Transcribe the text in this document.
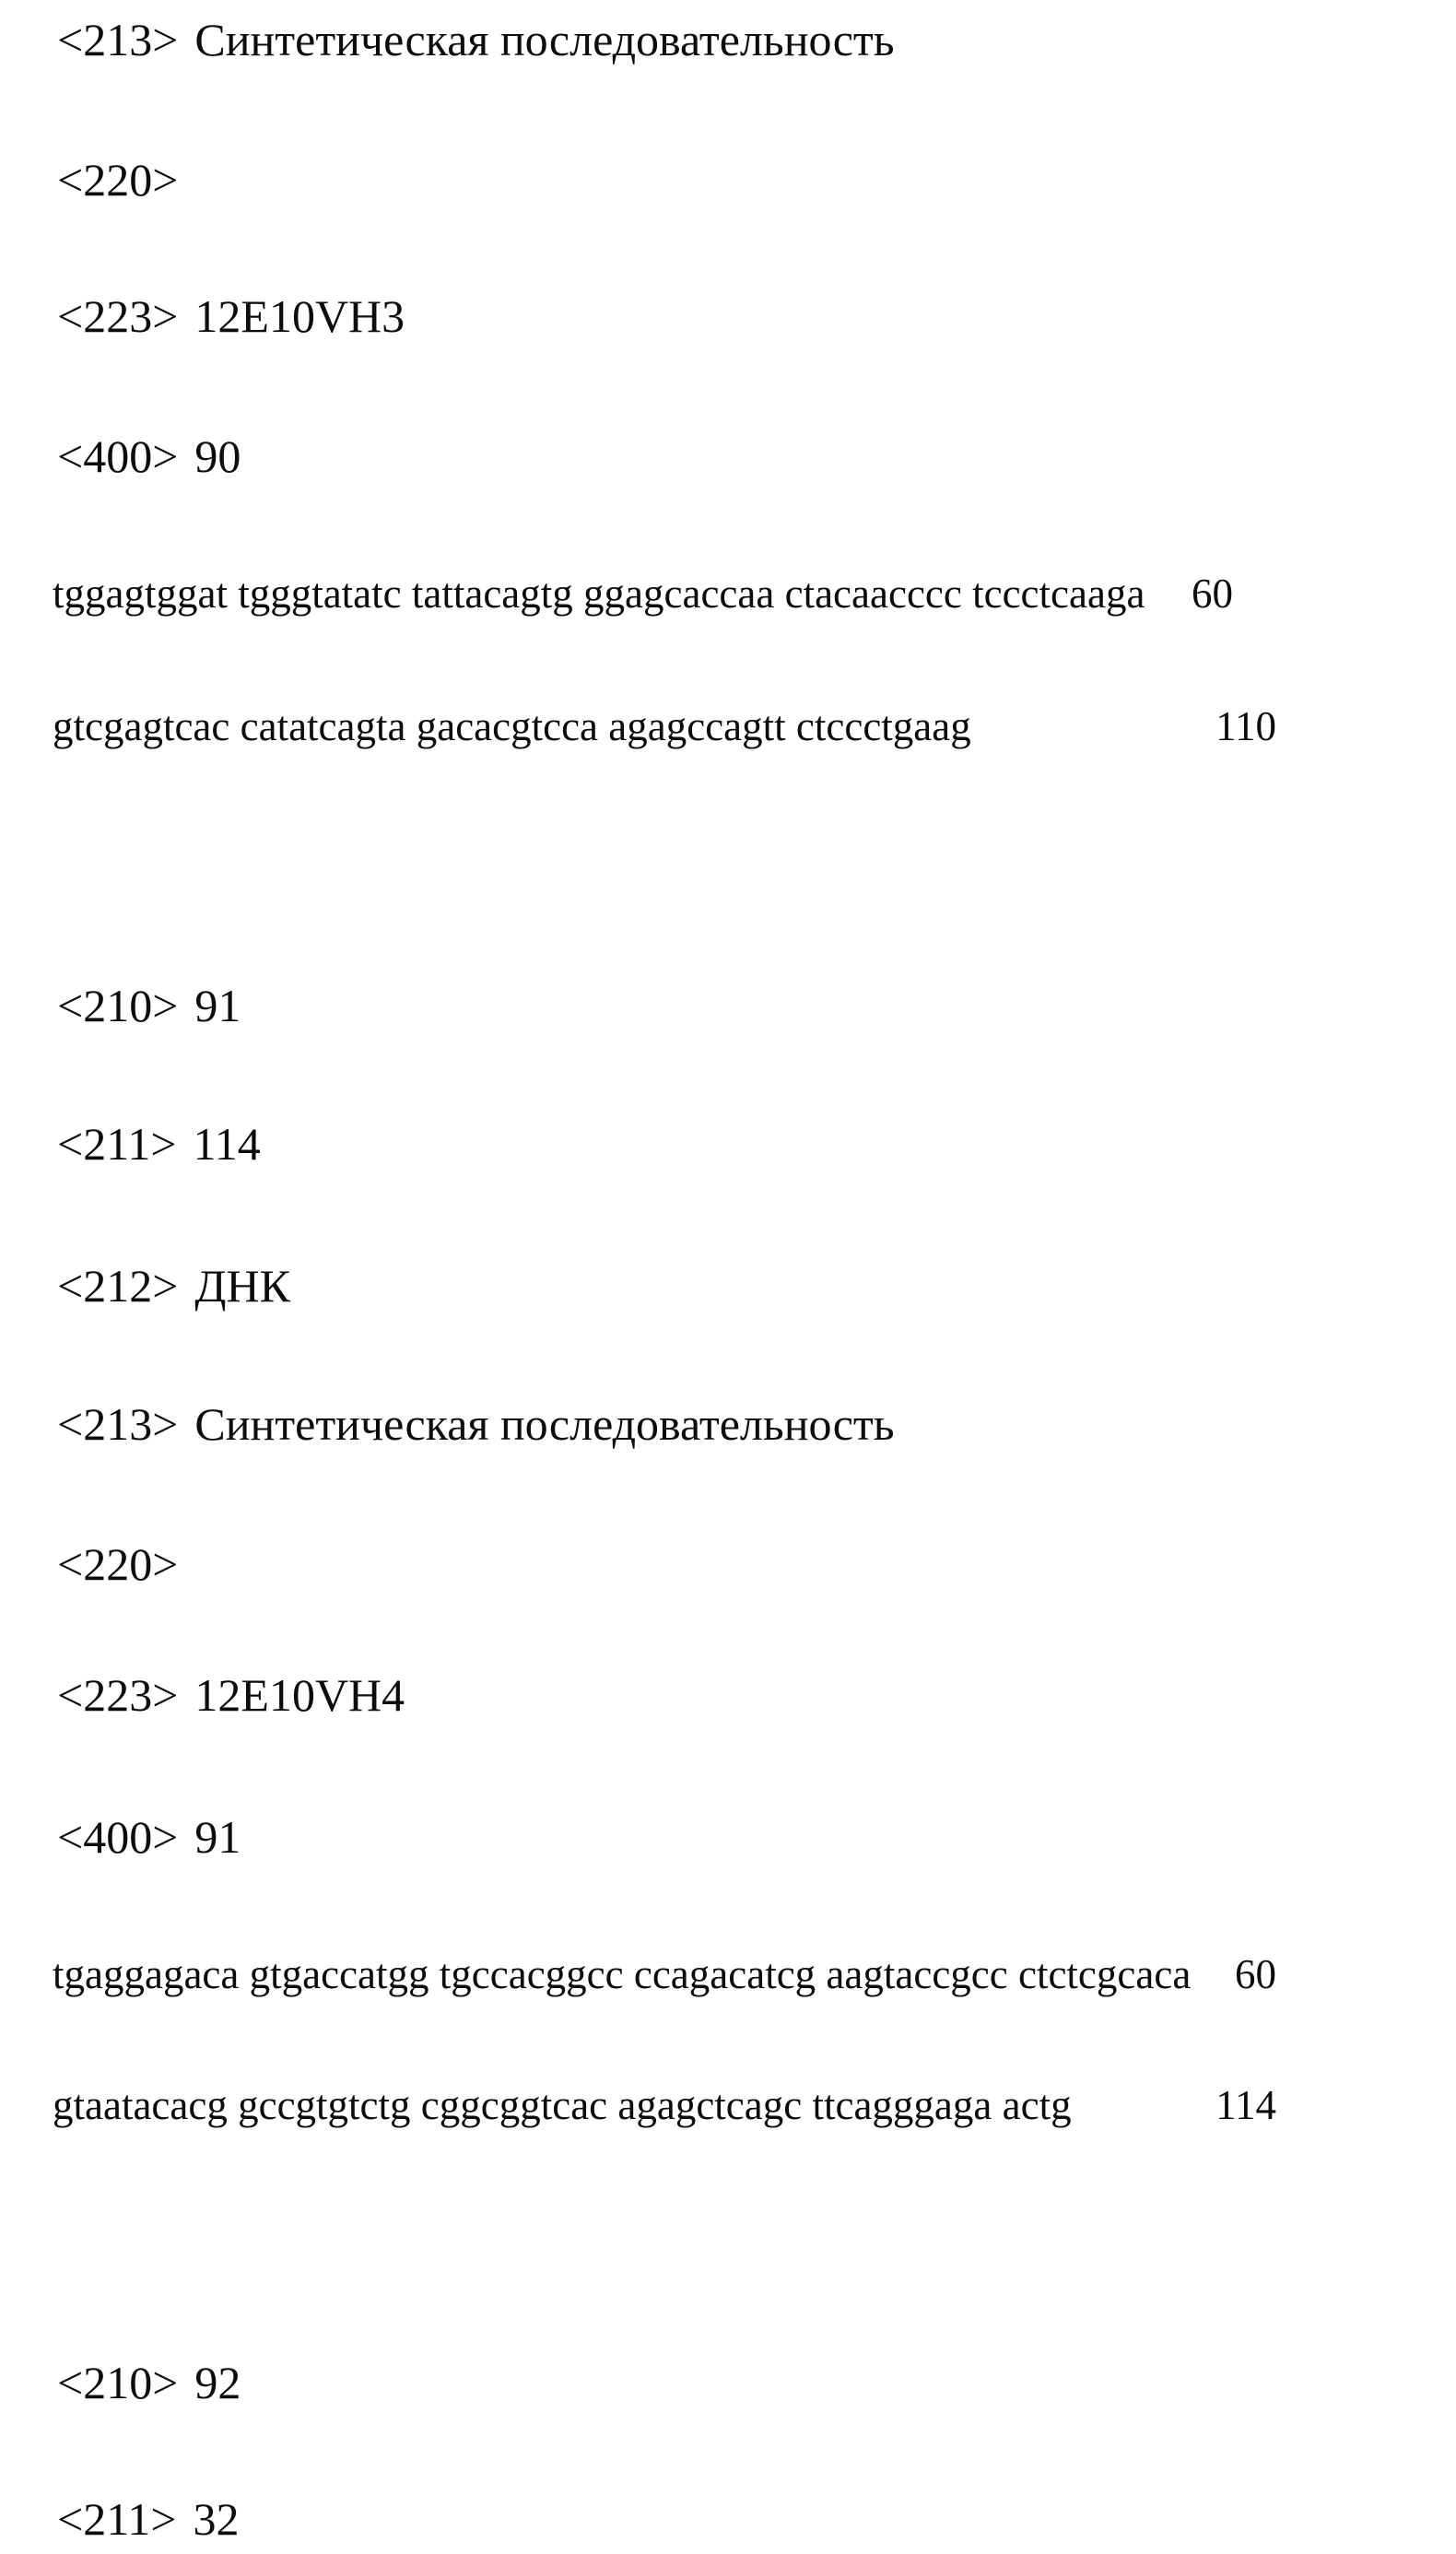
<213> Синтетическая последовательность
<220>
<223> 12E10VH3
<400> 90
tggagtggat tgggtatatc tattacagtg ggagcaccaa ctacaacccc tccctcaaga 60
gtcgagtcac catatcagta gacacgtcca agagccagtt ctccctgaag	110
<210> 91
<211> 114
<212> ДНК
<213> Синтетическая последовательность
<220>
<223> 12E10VH4
<400> 91
tgaggagaca gtgaccatgg tgccacggcc ccagacatcg aagtaccgcc ctctcgcaca 60
gtaatacacg gccgtgtctg cggcggtcac agagctcagc ttcagggaga actg	114
<210> 92
<211> 32
